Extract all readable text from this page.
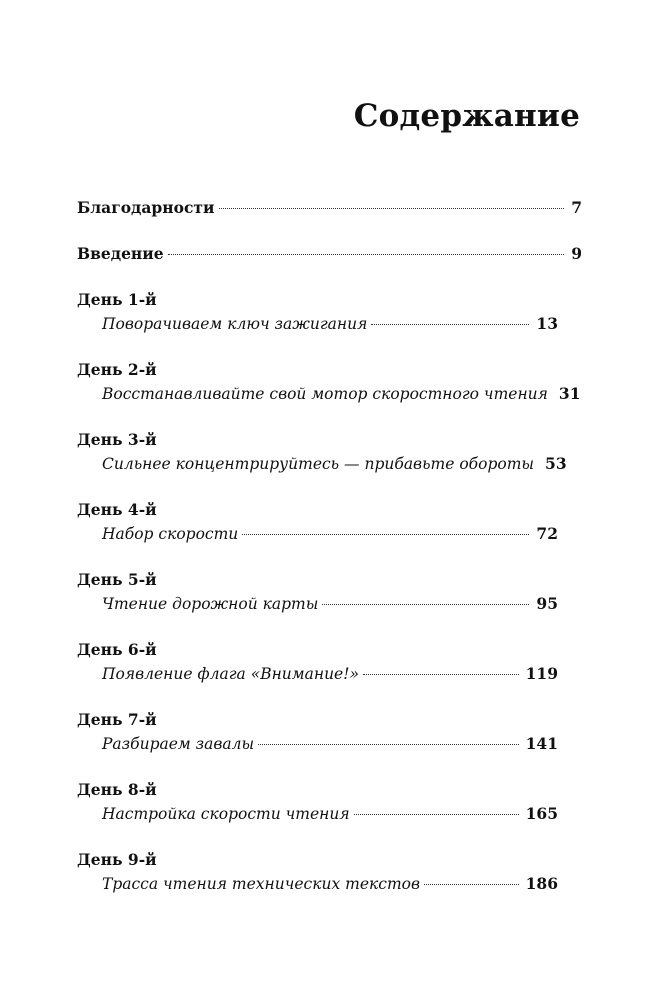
Содержание
Благодарности	7
Введение	9
День 1-й
Поворачиваем ключ зажигания	13
День 2-й
Восстанавливайте свой мотор скоростного чтения 31
День 3-й
Сильнее концентрируйтесь — прибавьте обороты 53
День 4-й
Набор скорости	72
День 5-й
Чтение дорожной карты	95
День 6-й
Появление флага «Внимание!»	119
День 7-й
Разбираем завалы	141
День 8-й
Настройка скорости чтения	165
День 9-й
Трасса чтения технических текстов	186
